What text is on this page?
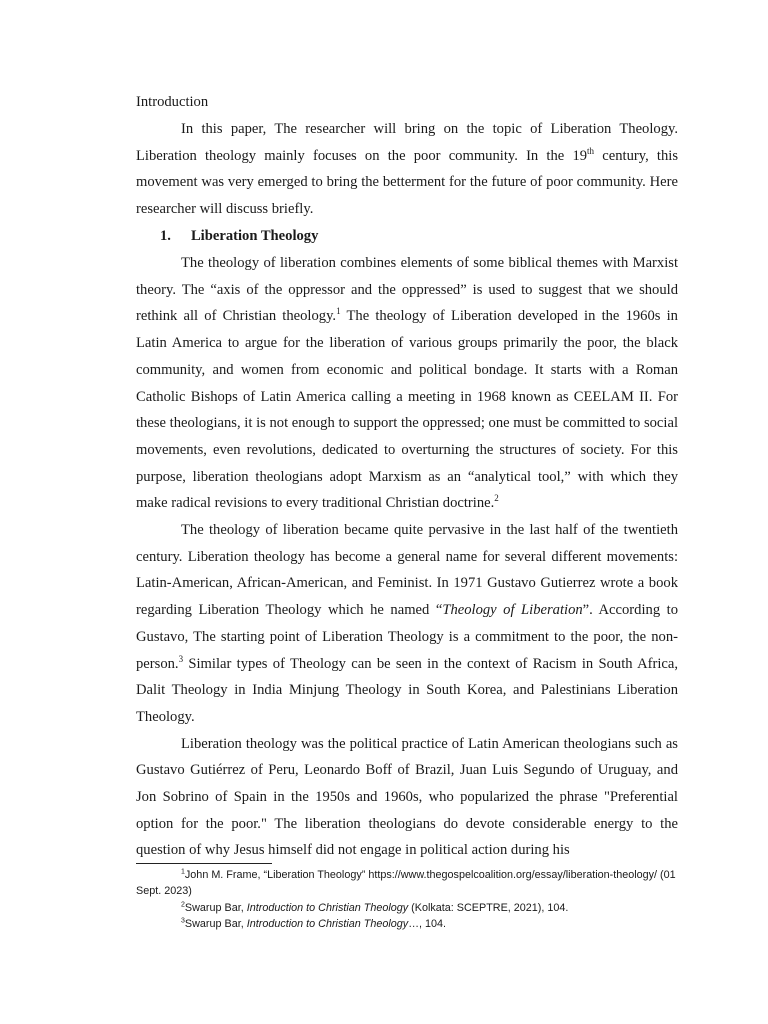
Introduction

In this paper, The researcher will bring on the topic of Liberation Theology. Liberation theology mainly focuses on the poor community. In the 19th century, this movement was very emerged to bring the betterment for the future of poor community. Here researcher will discuss briefly.

1. Liberation Theology

The theology of liberation combines elements of some biblical themes with Marxist theory. The “axis of the oppressor and the oppressed” is used to suggest that we should rethink all of Christian theology.$^1$ The theology of Liberation developed in the 1960s in Latin America to argue for the liberation of various groups primarily the poor, the black community, and women from economic and political bondage. It starts with a Roman Catholic Bishops of Latin America calling a meeting in 1968 known as CEELAM II. For these theologians, it is not enough to support the oppressed; one must be committed to social movements, even revolutions, dedicated to overturning the structures of society. For this purpose, liberation theologians adopt Marxism as an “analytical tool,” with which they make radical revisions to every traditional Christian doctrine.$^2$

The theology of liberation became quite pervasive in the last half of the twentieth century. Liberation theology has become a general name for several different movements: Latin-American, African-American, and Feminist. In 1971 Gustavo Gutierrez wrote a book regarding Liberation Theology which he named “Theology of Liberation”. According to Gustavo, The starting point of Liberation Theology is a commitment to the poor, the non-person.$^3$ Similar types of Theology can be seen in the context of Racism in South Africa, Dalit Theology in India Minjung Theology in South Korea, and Palestinians Liberation Theology.

Liberation theology was the political practice of Latin American theologians such as Gustavo Gutiérrez of Peru, Leonardo Boff of Brazil, Juan Luis Segundo of Uruguay, and Jon Sobrino of Spain in the 1950s and 1960s, who popularized the phrase "Preferential option for the poor." The liberation theologians do devote considerable energy to the question of why Jesus himself did not engage in political action during his

$^1$John M. Frame, “Liberation Theology” https://www.thegospelcoalition.org/essay/liberation-theology/ (01 Sept. 2023)

$^2$Swarup Bar, Introduction to Christian Theology (Kolkata: SCEPTRE, 2021), 104.

$^3$Swarup Bar, Introduction to Christian Theology…, 104.
